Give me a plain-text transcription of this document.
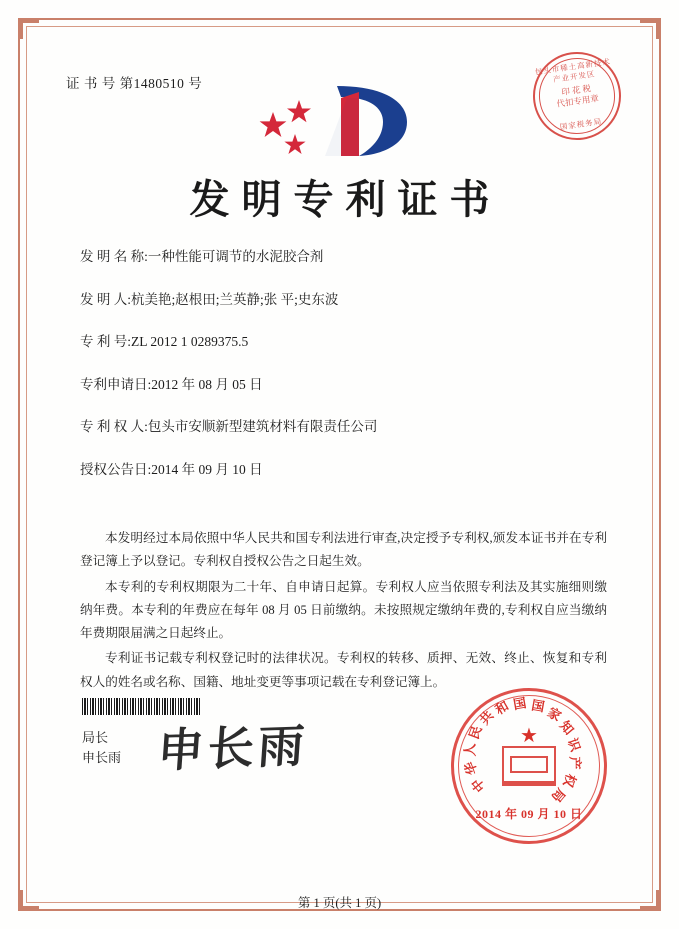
证 书 号 第1480510 号
包头市稀土高新技术产业开发区
印 花 税
代扣专用章
国家税务局
发明专利证书
发 明 名 称: 一种性能可调节的水泥胶合剂
发 明 人: 杭美艳;赵根田;兰英静;张 平;史东波
专 利 号: ZL 2012 1 0289375.5
专利申请日: 2012 年 08 月 05 日
专 利 权 人: 包头市安顺新型建筑材料有限责任公司
授权公告日: 2014 年 09 月 10 日

本发明经过本局依照中华人民共和国专利法进行审查,决定授予专利权,颁发本证书并在专利登记簿上予以登记。专利权自授权公告之日起生效。

本专利的专利权期限为二十年、自申请日起算。专利权人应当依照专利法及其实施细则缴纳年费。本专利的年费应在每年 08 月 05 日前缴纳。未按照规定缴纳年费的,专利权自应当缴纳年费期限届满之日起终止。

专利证书记载专利权登记时的法律状况。专利权的转移、质押、无效、终止、恢复和专利权人的姓名或名称、国籍、地址变更等事项记载在专利登记簿上。

局长
申长雨 申长雨	★
中
华
人
民
共
和 国 国 家
知
识
产
权
局
2014 年 09 月 10 日
第 1 页(共 1 页)
